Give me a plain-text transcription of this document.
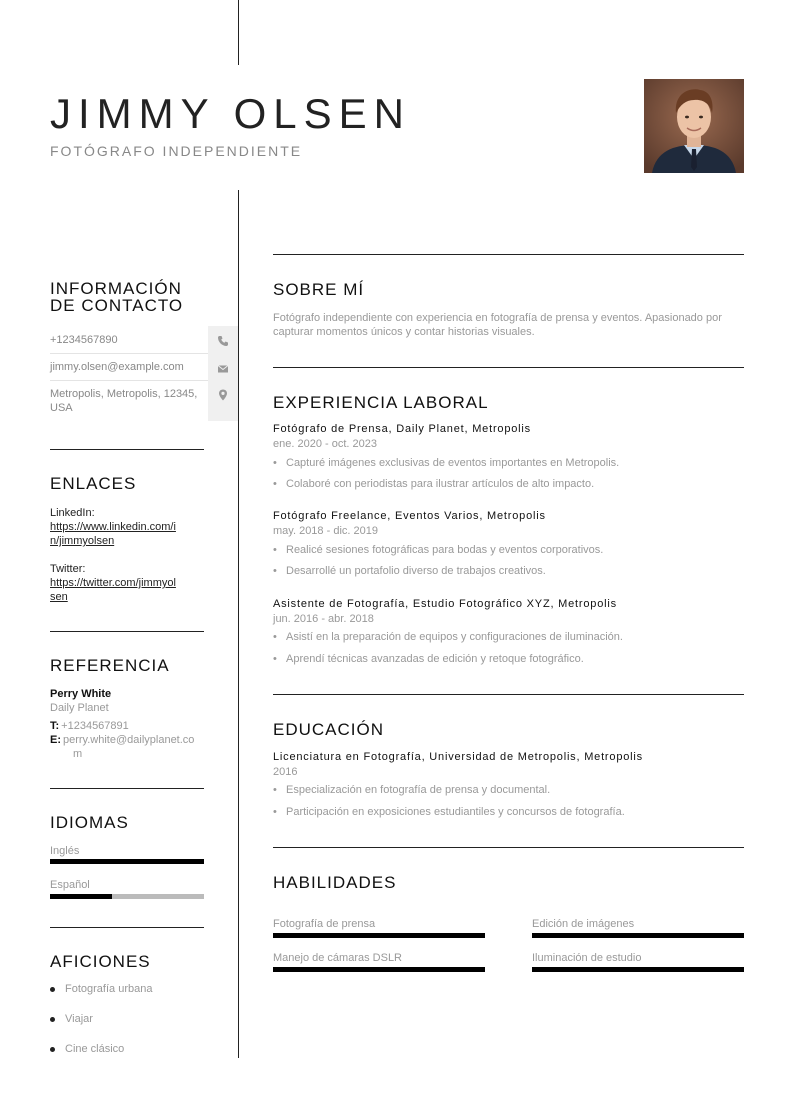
JIMMY OLSEN
FOTÓGRAFO INDEPENDIENTE
INFORMACIÓN
DE CONTACTO
+1234567890
jimmy.olsen@example.com
Metropolis, Metropolis, 12345,
USA
ENLACES
LinkedIn:
https://www.linkedin.com/i
n/jimmyolsen
Twitter:
https://twitter.com/jimmyol
sen
REFERENCIA
Perry White
Daily Planet
T: +1234567891
E: perry.white@dailyplanet.co
m
IDIOMAS
Inglés
Español
AFICIONES
Fotografía urbana
Viajar
Cine clásico
SOBRE MÍ
Fotógrafo independiente con experiencia en fotografía de prensa y eventos. Apasionado por capturar momentos únicos y contar historias visuales.
EXPERIENCIA LABORAL
Fotógrafo de Prensa, Daily Planet, Metropolis
ene. 2020 - oct. 2023
• Capturé imágenes exclusivas de eventos importantes en Metropolis.
• Colaboré con periodistas para ilustrar artículos de alto impacto.
Fotógrafo Freelance, Eventos Varios, Metropolis
may. 2018 - dic. 2019
• Realicé sesiones fotográficas para bodas y eventos corporativos.
• Desarrollé un portafolio diverso de trabajos creativos.
Asistente de Fotografía, Estudio Fotográfico XYZ, Metropolis
jun. 2016 - abr. 2018
• Asistí en la preparación de equipos y configuraciones de iluminación.
• Aprendí técnicas avanzadas de edición y retoque fotográfico.
EDUCACIÓN
Licenciatura en Fotografía, Universidad de Metropolis, Metropolis
2016
• Especialización en fotografía de prensa y documental.
• Participación en exposiciones estudiantiles y concursos de fotografía.
HABILIDADES
Fotografía de prensa	Edición de imágenes
Manejo de cámaras DSLR	Iluminación de estudio
